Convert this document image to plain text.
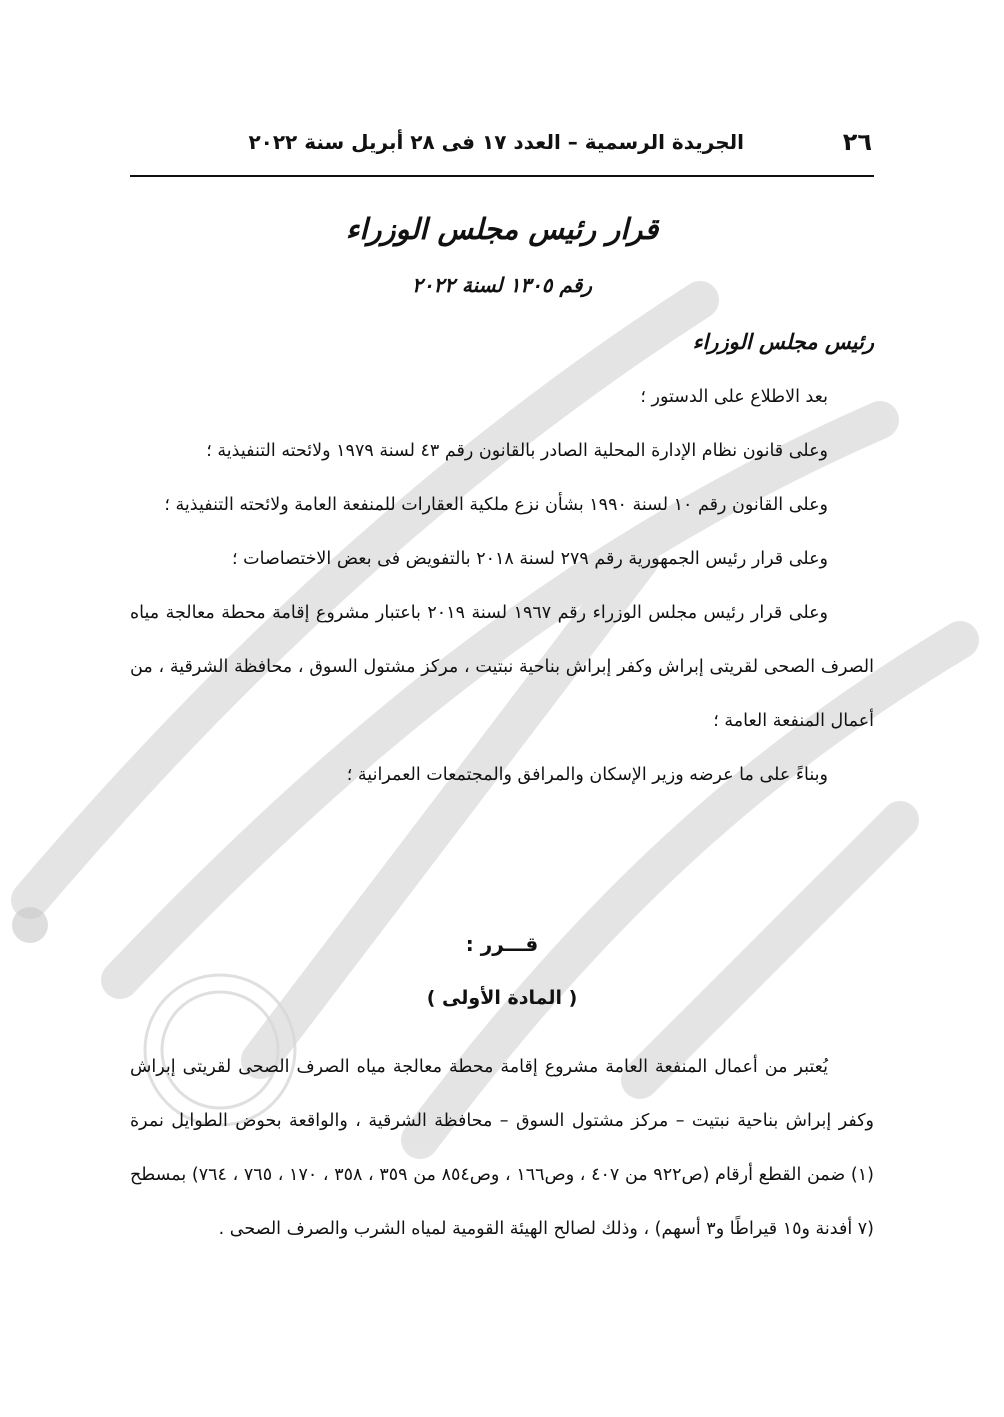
٢٦
الجريدة الرسمية – العدد ١٧ فى ٢٨ أبريل سنة ٢٠٢٢
قرار رئيس مجلس الوزراء
رقم ١٣٠٥ لسنة ٢٠٢٢
رئيس مجلس الوزراء

بعد الاطلاع على الدستور ؛

وعلى قانون نظام الإدارة المحلية الصادر بالقانون رقم ٤٣ لسنة ١٩٧٩ ولائحته التنفيذية ؛

وعلى القانون رقم ١٠ لسنة ١٩٩٠ بشأن نزع ملكية العقارات للمنفعة العامة ولائحته التنفيذية ؛

وعلى قرار رئيس الجمهورية رقم ٢٧٩ لسنة ٢٠١٨ بالتفويض فى بعض الاختصاصات ؛

وعلى قرار رئيس مجلس الوزراء رقم ١٩٦٧ لسنة ٢٠١٩ باعتبار مشروع إقامة محطة معالجة مياه الصرف الصحى لقريتى إبراش وكفر إبراش بناحية نبتيت ، مركز مشتول السوق ، محافظة الشرقية ، من أعمال المنفعة العامة ؛

وبناءً على ما عرضه وزير الإسكان والمرافق والمجتمعات العمرانية ؛

قـــرر :
( المادة الأولى )

يُعتبر من أعمال المنفعة العامة مشروع إقامة محطة معالجة مياه الصرف الصحى لقريتى إبراش وكفر إبراش بناحية نبتيت – مركز مشتول السوق – محافظة الشرقية ، والواقعة بحوض الطوايل نمرة (١) ضمن القطع أرقام (ص٩٢٢ من ٤٠٧ ، وص١٦٦ ، وص٨٥٤ من ٣٥٩ ، ٣٥٨ ، ١٧٠ ، ٧٦٥ ، ٧٦٤) بمسطح (٧ أفدنة و١٥ قيراطًا و٣ أسهم) ، وذلك لصالح الهيئة القومية لمياه الشرب والصرف الصحى .
